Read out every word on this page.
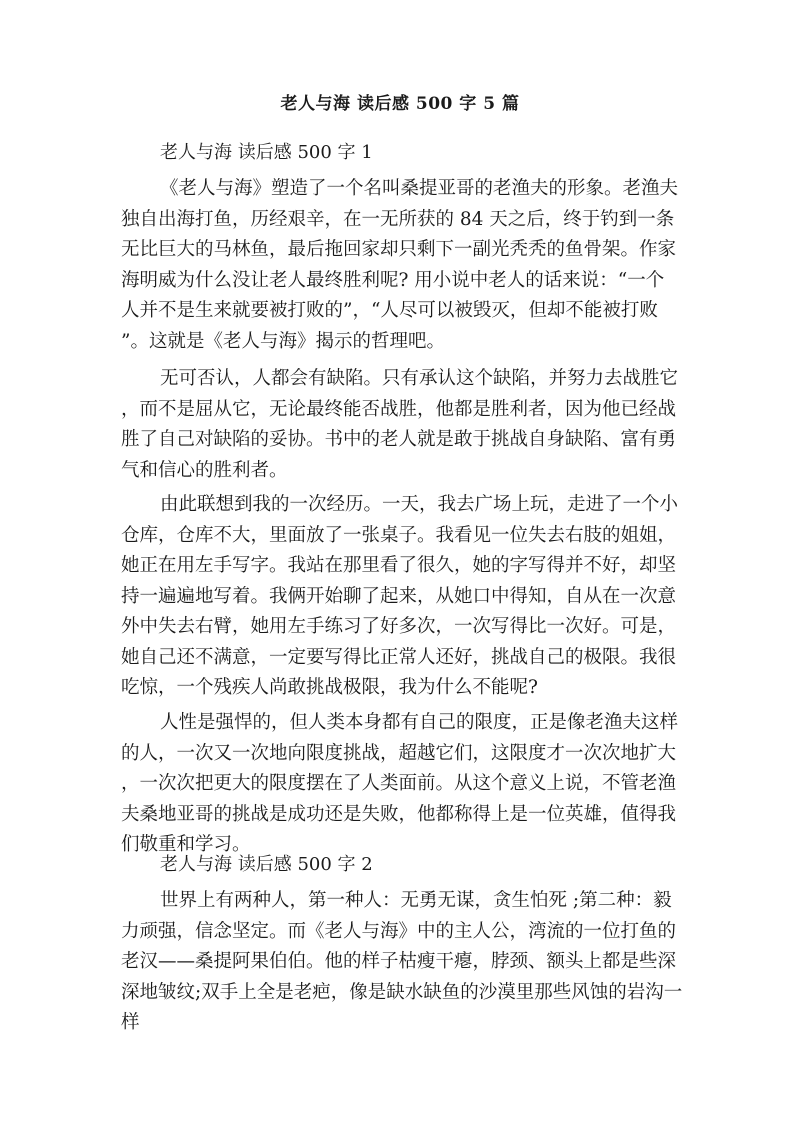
老人与海 读后感 500 字 5 篇
老人与海 读后感 500 字 1
《老人与海》塑造了一个名叫桑提亚哥的老渔夫的形象。老渔夫
独自出海打鱼，历经艰辛，在一无所获的 84 天之后，终于钓到一条
无比巨大的马林鱼，最后拖回家却只剩下一副光秃秃的鱼骨架。作家
海明威为什么没让老人最终胜利呢? 用小说中老人的话来说：“一个
人并不是生来就要被打败的”，“人尽可以被毁灭，但却不能被打败
”。这就是《老人与海》揭示的哲理吧。
无可否认，人都会有缺陷。只有承认这个缺陷，并努力去战胜它
，而不是屈从它，无论最终能否战胜，他都是胜利者，因为他已经战
胜了自己对缺陷的妥协。书中的老人就是敢于挑战自身缺陷、富有勇
气和信心的胜利者。
由此联想到我的一次经历。一天，我去广场上玩，走进了一个小
仓库，仓库不大，里面放了一张桌子。我看见一位失去右肢的姐姐，
她正在用左手写字。我站在那里看了很久，她的字写得并不好，却坚
持一遍遍地写着。我俩开始聊了起来，从她口中得知，自从在一次意
外中失去右臂，她用左手练习了好多次，一次写得比一次好。可是，
她自己还不满意，一定要写得比正常人还好，挑战自己的极限。我很
吃惊，一个残疾人尚敢挑战极限，我为什么不能呢?
人性是强悍的，但人类本身都有自己的限度，正是像老渔夫这样
的人，一次又一次地向限度挑战，超越它们，这限度才一次次地扩大
，一次次把更大的限度摆在了人类面前。从这个意义上说，不管老渔
夫桑地亚哥的挑战是成功还是失败，他都称得上是一位英雄，值得我
们敬重和学习。
老人与海 读后感 500 字 2
世界上有两种人，第一种人：无勇无谋，贪生怕死 ;第二种：毅
力顽强，信念坚定。而《老人与海》中的主人公，湾流的一位打鱼的
老汉——桑提阿果伯伯。他的样子枯瘦干瘪，脖颈、额头上都是些深
深地皱纹;双手上全是老疤，像是缺水缺鱼的沙漠里那些风蚀的岩沟一
样
